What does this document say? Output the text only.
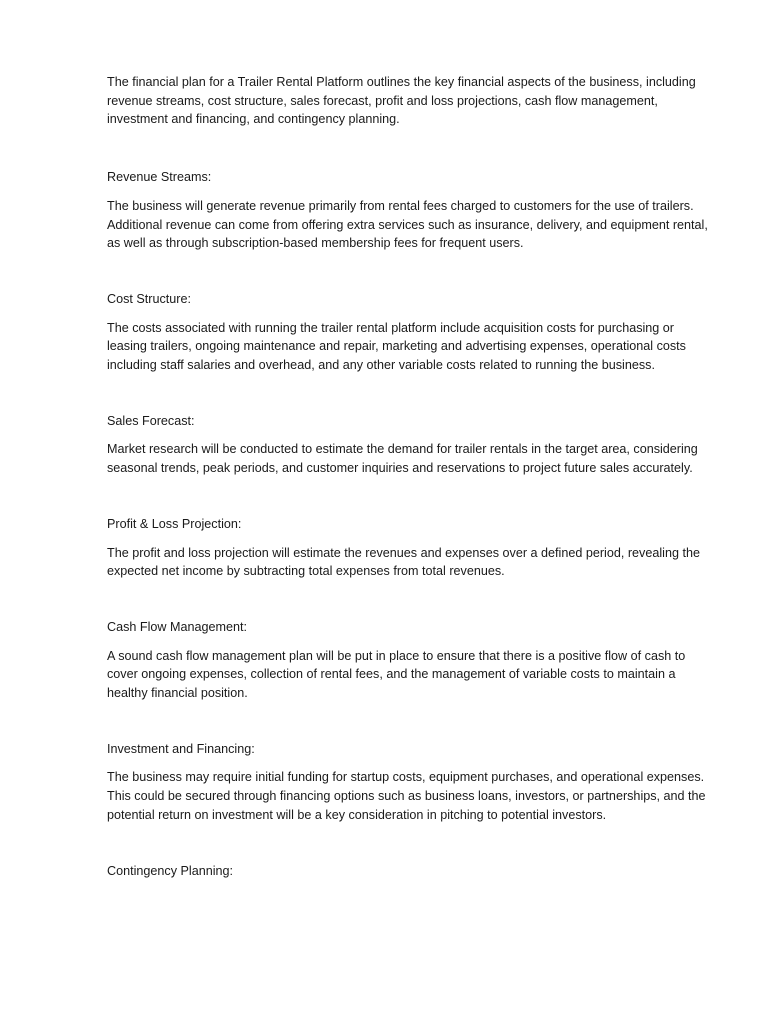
The financial plan for a Trailer Rental Platform outlines the key financial aspects of the business, including revenue streams, cost structure, sales forecast, profit and loss projections, cash flow management, investment and financing, and contingency planning.

Revenue Streams:

The business will generate revenue primarily from rental fees charged to customers for the use of trailers. Additional revenue can come from offering extra services such as insurance, delivery, and equipment rental, as well as through subscription-based membership fees for frequent users.

Cost Structure:

The costs associated with running the trailer rental platform include acquisition costs for purchasing or leasing trailers, ongoing maintenance and repair, marketing and advertising expenses, operational costs including staff salaries and overhead, and any other variable costs related to running the business.

Sales Forecast:

Market research will be conducted to estimate the demand for trailer rentals in the target area, considering seasonal trends, peak periods, and customer inquiries and reservations to project future sales accurately.

Profit & Loss Projection:

The profit and loss projection will estimate the revenues and expenses over a defined period, revealing the expected net income by subtracting total expenses from total revenues.

Cash Flow Management:

A sound cash flow management plan will be put in place to ensure that there is a positive flow of cash to cover ongoing expenses, collection of rental fees, and the management of variable costs to maintain a healthy financial position.

Investment and Financing:

The business may require initial funding for startup costs, equipment purchases, and operational expenses. This could be secured through financing options such as business loans, investors, or partnerships, and the potential return on investment will be a key consideration in pitching to potential investors.

Contingency Planning:
